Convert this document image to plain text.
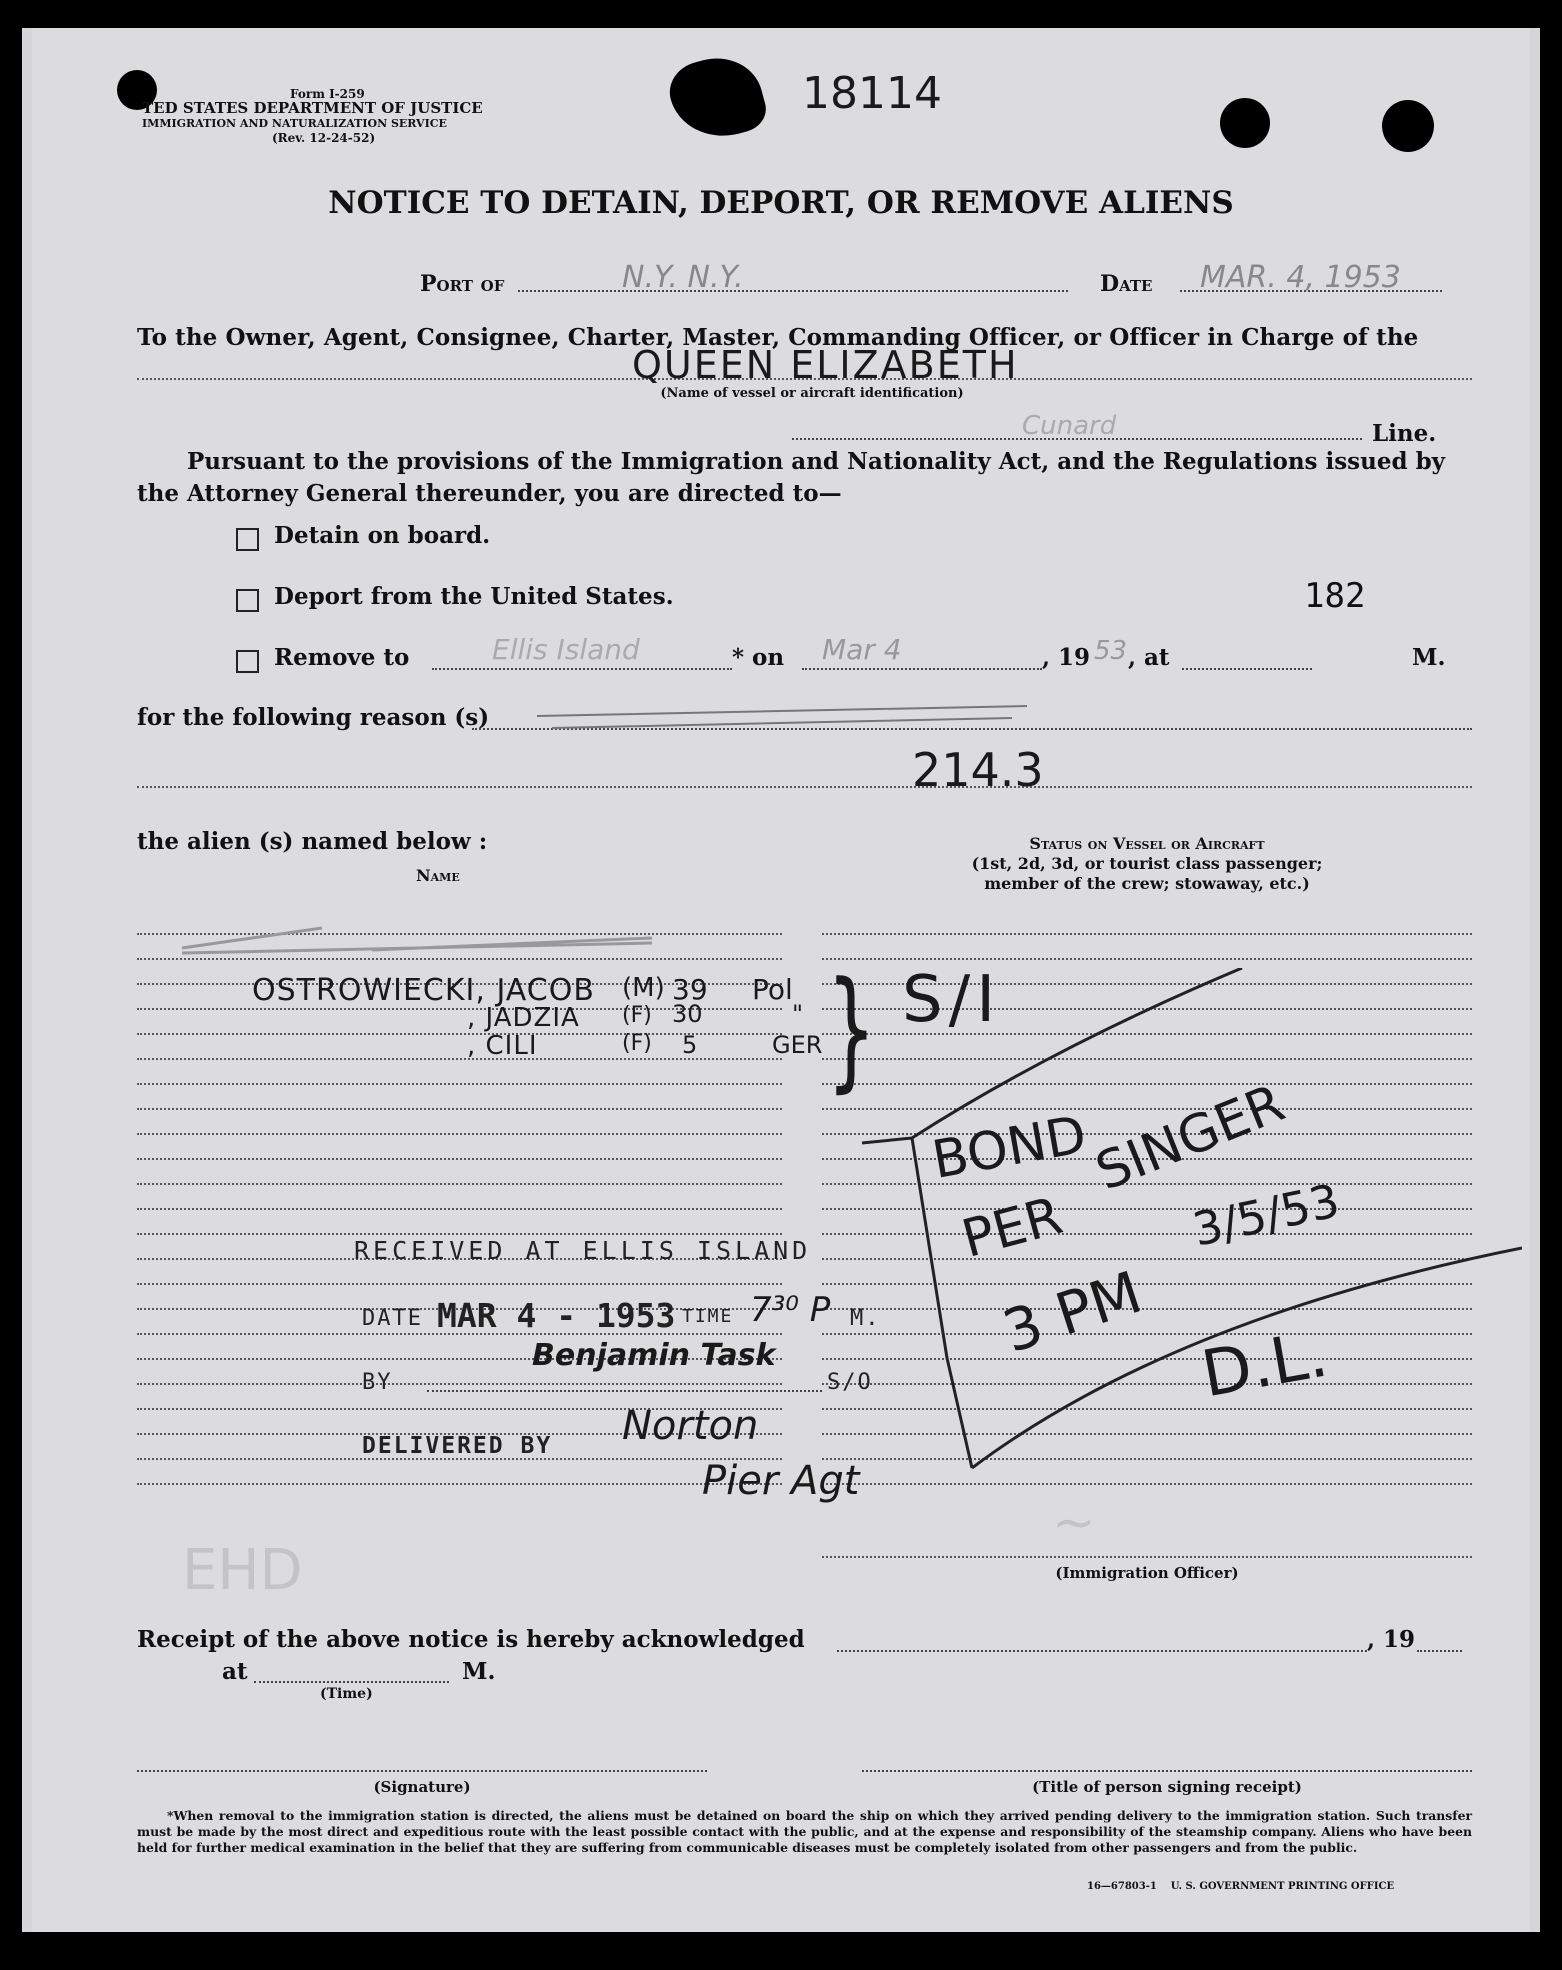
Form I-259
TED STATES DEPARTMENT OF JUSTICE
IMMIGRATION AND NATURALIZATION SERVICE
(Rev. 12-24-52)
18114
NOTICE TO DETAIN, DEPORT, OR REMOVE ALIENS
Port of	N.Y. N.Y.	Date MAR. 4, 1953
To the Owner, Agent, Consignee, Charter, Master, Commanding Officer, or Officer in Charge of the
QUEEN ELIZABETH
(Name of vessel or aircraft identification)
Cunard	Line.
Pursuant to the provisions of the Immigration and Nationality Act, and the Regulations issued by the Attorney General thereunder, you are directed to—
Detain on board.
Deport from the United States.	182
Remove to	Ellis Island	* on Mar 4	, 19 53 , at	M.
for the following reason (s)
214.3
the alien (s) named below :
Name
Status on Vessel or Aircraft
(1st, 2d, 3d, or tourist class passenger;
member of the crew; stowaway, etc.)
OSTROWIECKI, JACOB (M) 39 Pol
, JADZIA (F) 30	"
, CILI	(F) 5	GER } S/I
BOND
SINGER
PER	3/5/53
3 PM D.L.
RECEIVED AT ELLIS ISLAND
DATE MAR 4 - 1953 TIME 7³⁰ P M.
BY
Benjamin Task
S/O
DELIVERED BY Norton
Pier Agt
EHD
~
(Immigration Officer)
Receipt of the above notice is hereby acknowledged	, 19
at	M.
(Time)
(Signature)	(Title of person signing receipt)
*When removal to the immigration station is directed, the aliens must be detained on board the ship on which they arrived pending delivery to the immigration station. Such transfer must be made by the most direct and expeditious route with the least possible contact with the public, and at the expense and responsibility of the steamship company. Aliens who have been held for further medical examination in the belief that they are suffering from communicable diseases must be completely isolated from other passengers and from the public.
16—67803-1    U. S. GOVERNMENT PRINTING OFFICE
